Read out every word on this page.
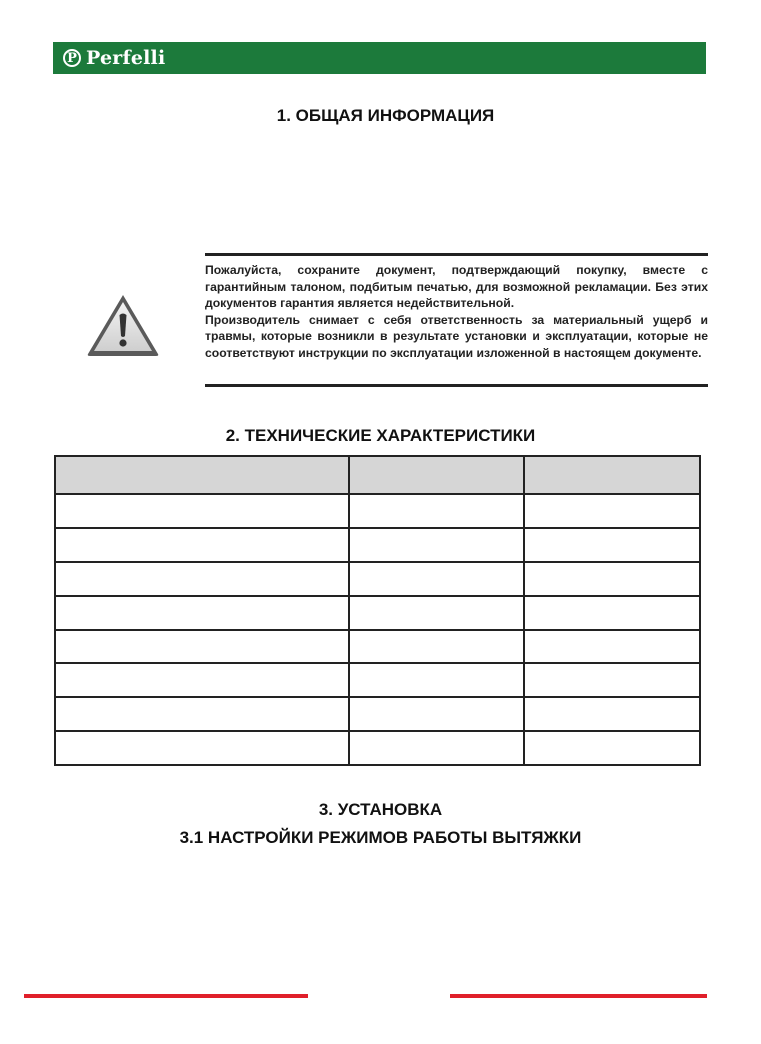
P Perfelli
1. ОБЩАЯ ИНФОРМАЦИЯ

Пожалуйста, сохраните документ, подтверждающий покупку, вместе с гарантийным талоном, подбитым печатью, для возможной рекламации. Без этих документов гарантия является недействительной.

Производитель снимает с себя ответственность за материальный ущерб и травмы, которые возникли в результате установки и эксплуатации, которые не соответствуют инструкции по эксплуатации изложенной в настоящем документе.

2. ТЕХНИЧЕСКИЕ ХАРАКТЕРИСТИКИ

3. УСТАНОВКА
3.1 НАСТРОЙКИ РЕЖИМОВ РАБОТЫ ВЫТЯЖКИ
